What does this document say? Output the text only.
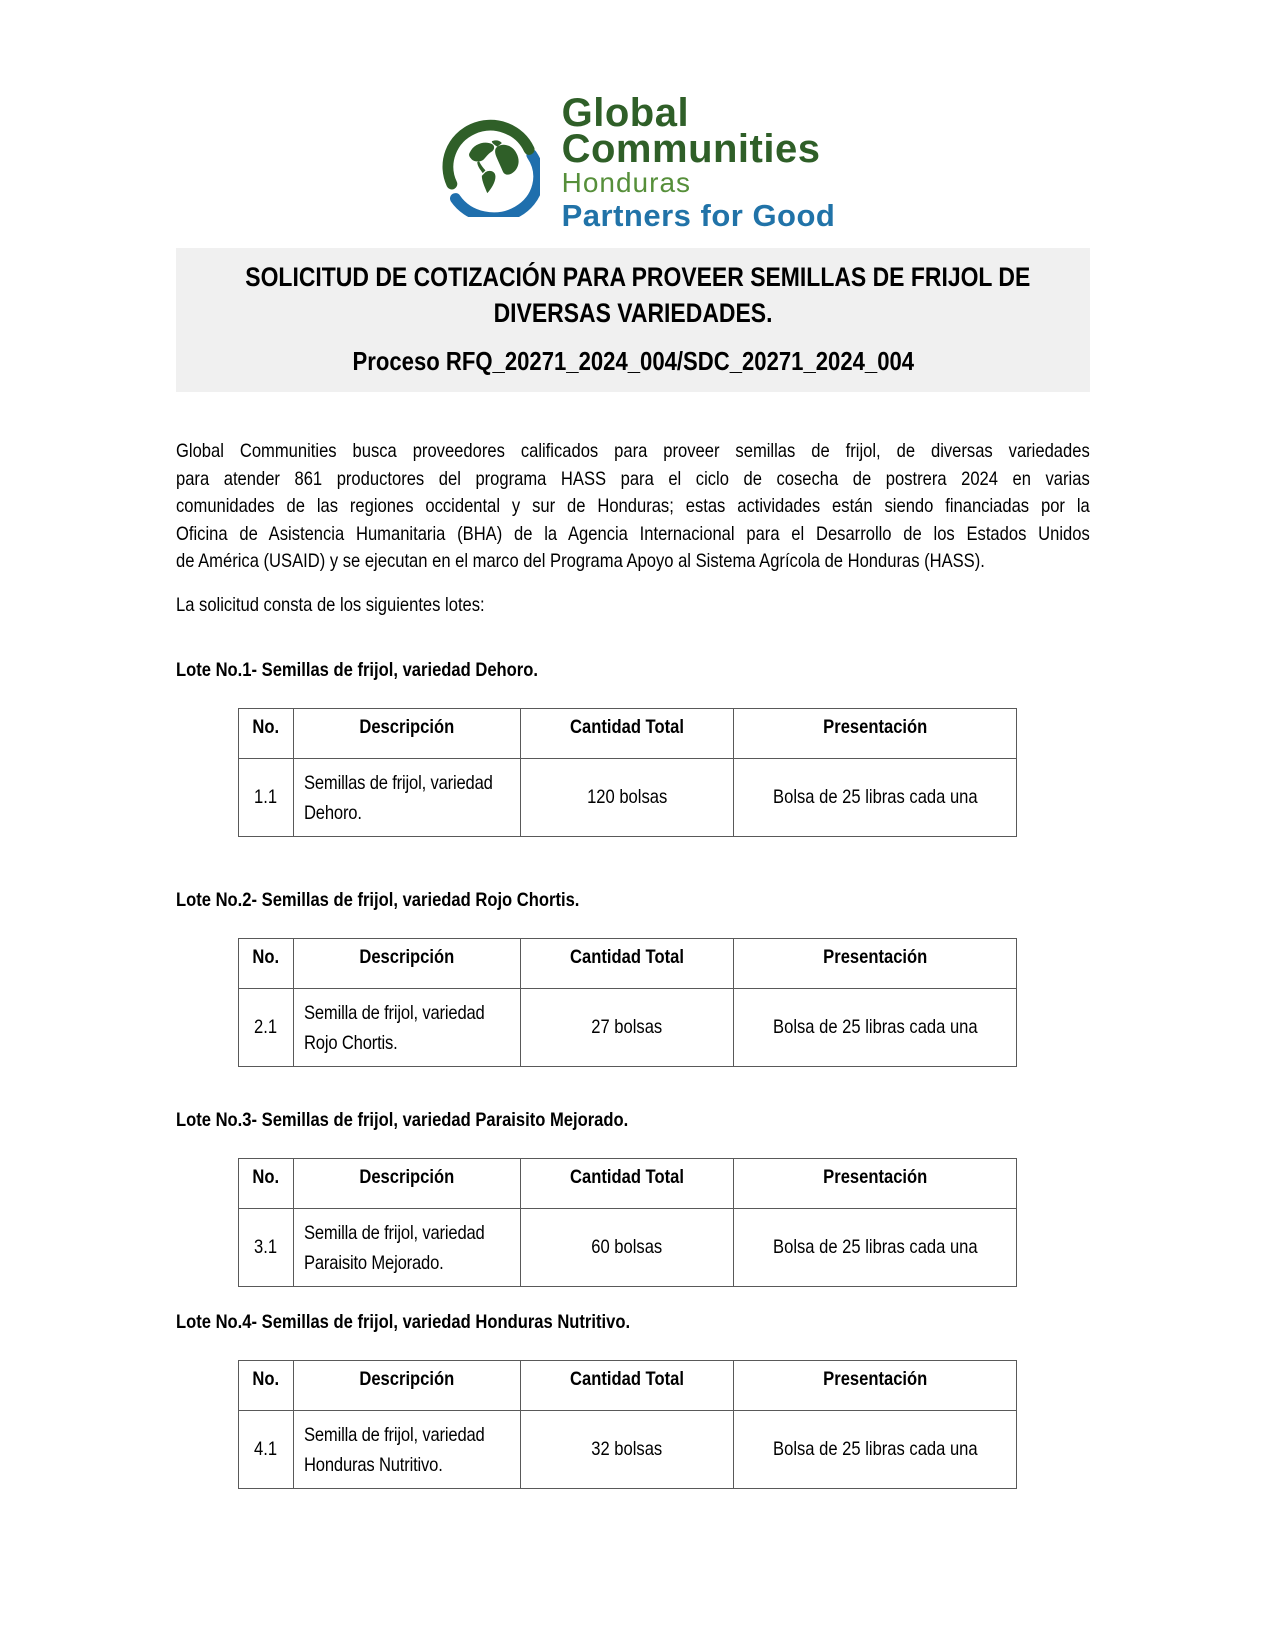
Global
Communities
Honduras
Partners for Good
SOLICITUD DE COTIZACIÓN PARA PROVEER SEMILLAS DE FRIJOL DE
DIVERSAS VARIEDADES.
Proceso RFQ_20271_2024_004/SDC_20271_2024_004
Global Communities busca proveedores calificados para proveer semillas de frijol, de diversas variedades
para atender 861 productores del programa HASS para el ciclo de cosecha de postrera 2024 en varias
comunidades de las regiones occidental y sur de Honduras; estas actividades están siendo financiadas por la
Oficina de Asistencia Humanitaria (BHA) de la Agencia Internacional para el Desarrollo de los Estados Unidos
de América (USAID) y se ejecutan en el marco del Programa Apoyo al Sistema Agrícola de Honduras (HASS).
La solicitud consta de los siguientes lotes:
Lote No.1- Semillas de frijol, variedad Dehoro.
No.	Descripción	Cantidad Total	Presentación
1.1	Semillas de frijol, variedad Dehoro.	120 bolsas	Bolsa de 25 libras cada una
Lote No.2- Semillas de frijol, variedad Rojo Chortis.
No.	Descripción	Cantidad Total	Presentación
2.1	Semilla de frijol, variedad Rojo Chortis.	27 bolsas	Bolsa de 25 libras cada una
Lote No.3- Semillas de frijol, variedad Paraisito Mejorado.
No.	Descripción	Cantidad Total	Presentación
3.1	Semilla de frijol, variedad Paraisito Mejorado.	60 bolsas	Bolsa de 25 libras cada una
Lote No.4- Semillas de frijol, variedad Honduras Nutritivo.
No.	Descripción	Cantidad Total	Presentación
4.1	Semilla de frijol, variedad Honduras Nutritivo.	32 bolsas	Bolsa de 25 libras cada una
